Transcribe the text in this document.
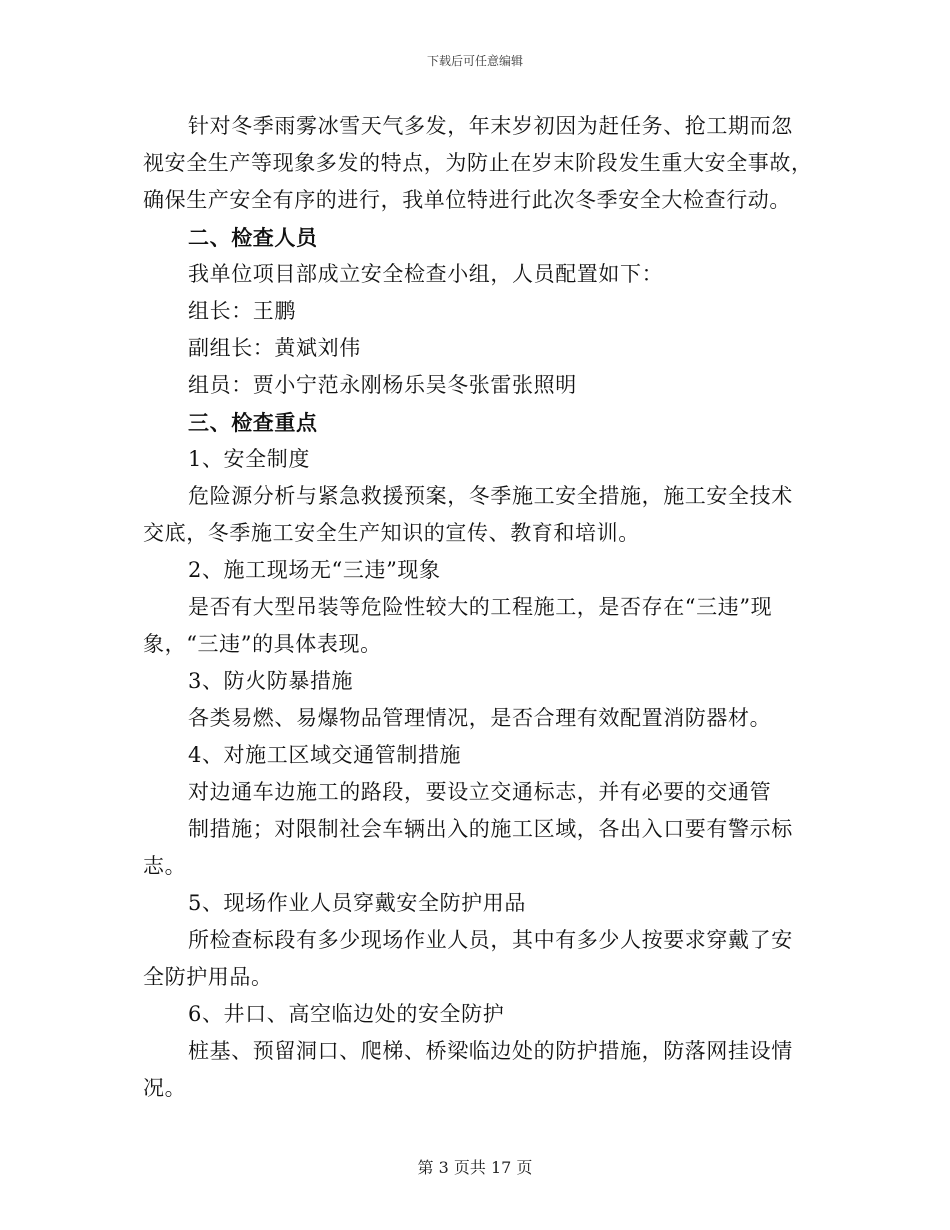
下载后可任意编辑
针对冬季雨雾冰雪天气多发，年末岁初因为赶任务、抢工期而忽
视安全生产等现象多发的特点，为防止在岁末阶段发生重大安全事故，
确保生产安全有序的进行，我单位特进行此次冬季安全大检查行动。
二、检查人员
我单位项目部成立安全检查小组，人员配置如下：
组长：王鹏
副组长：黄斌刘伟
组员：贾小宁范永刚杨乐吴冬张雷张照明
三、检查重点
1、安全制度
危险源分析与紧急救援预案，冬季施工安全措施，施工安全技术
交底，冬季施工安全生产知识的宣传、教育和培训。
2、施工现场无“三违”现象
是否有大型吊装等危险性较大的工程施工，是否存在“三违”现
象，“三违”的具体表现。
3、防火防暴措施
各类易燃、易爆物品管理情况，是否合理有效配置消防器材。
4、对施工区域交通管制措施
对边通车边施工的路段，要设立交通标志，并有必要的交通管
制措施；对限制社会车辆出入的施工区域，各出入口要有警示标
志。
5、现场作业人员穿戴安全防护用品
所检查标段有多少现场作业人员，其中有多少人按要求穿戴了安
全防护用品。
6、井口、高空临边处的安全防护
桩基、预留洞口、爬梯、桥梁临边处的防护措施，防落网挂设情
况。
第 3 页共 17 页
